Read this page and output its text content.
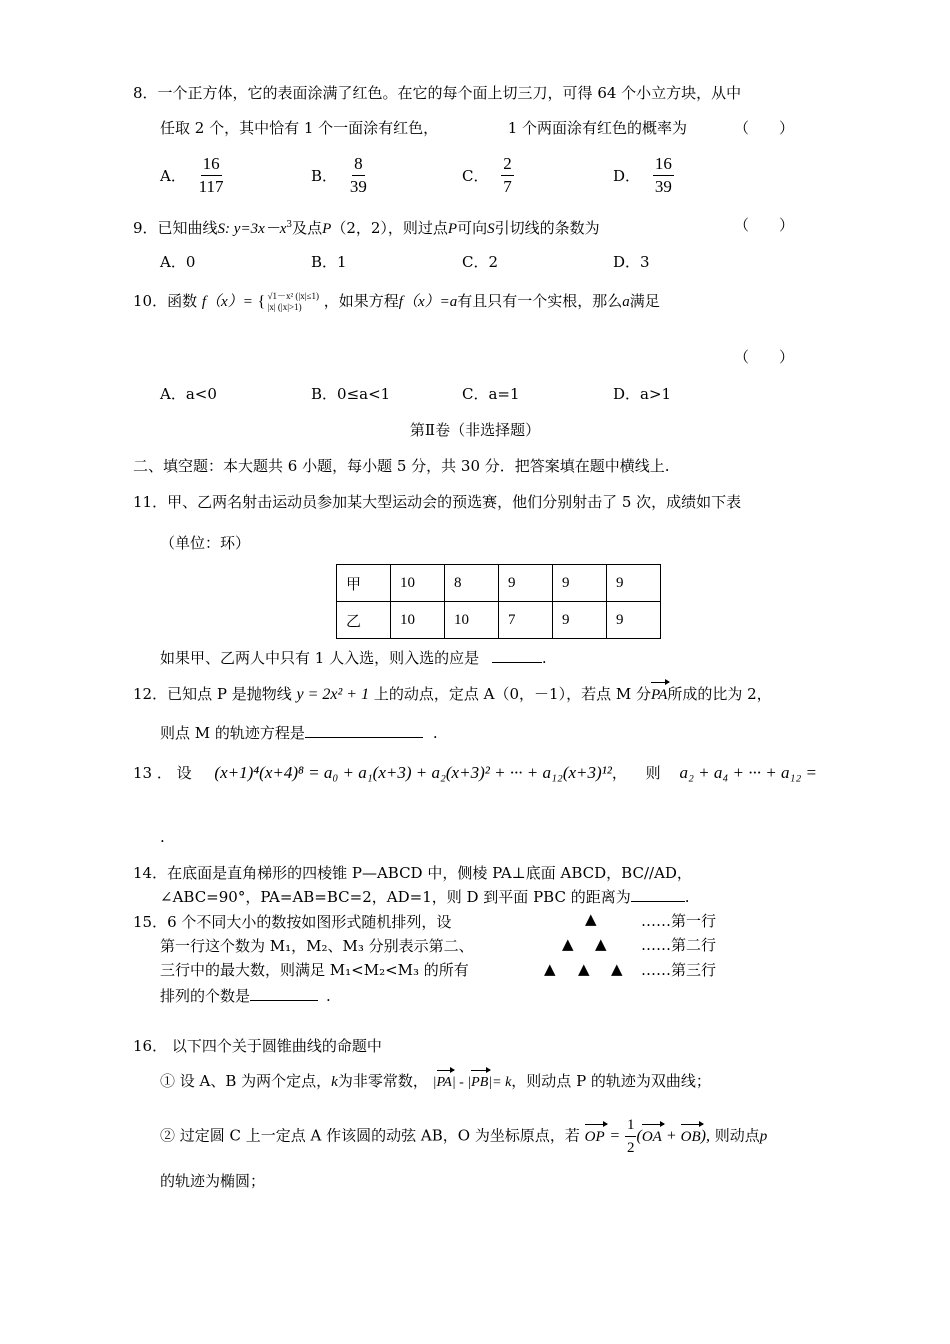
8．一个正方体，它的表面涂满了红色。在它的每个面上切三刀，可得 64 个小立方块，从中
任取 2 个，其中恰有 1 个一面涂有红色，	1 个两面涂有红色的概率为	（　　）
A． $\frac{16}{117}$	B． $\frac{8}{39}$	C． $\frac{2}{7}$	D． $\frac{16}{39}$
9．已知曲线S: $y=3x-x^3$及点P（2，2），则过点P可向S引切线的条数为	（　　）
A．0	B．1	C．2	D．3
10．函数 f（x）= { √1－x² (|x|≤1)
|x| (|x|>1)	，如果方程f（x）=a有且只有一个实根，那么a满足
（　　）
A．a<0	B．0≤a<1	C．a=1	D．a>1
第Ⅱ卷（非选择题）
二、填空题：本大题共 6 小题，每小题 5 分，共 30 分．把答案填在题中横线上.
11．甲、乙两名射击运动员参加某大型运动会的预选赛，他们分别射击了 5 次，成绩如下表
（单位：环）
甲	10	8	9	9	9
乙	10	10	7	9	9
如果甲、乙两人中只有 1 人入选，则入选的应是	.
12．已知点 P 是抛物线 y = 2x² + 1 上的动点，定点 A（0，－1），若点 M 分PA所成的比为 2，
则点 M 的轨迹方程是	.
13 ． 设 (x+1)⁴(x+4)⁸ = a₀ + a₁(x+3) + a₂(x+3)² + ··· + a₁₂(x+3)¹²， 则 a₂ + a₄ + ··· + a₁₂ =
.
14．在底面是直角梯形的四棱锥 P—ABCD 中，侧棱 PA⊥底面 ABCD，BC//AD，
∠ABC=90°，PA=AB=BC=2，AD=1，则 D 到平面 PBC 的距离为	.
15．6 个不同大小的数按如图形式随机排列，设
第一行这个数为 M₁，M₂、M₃ 分别表示第二、
三行中的最大数，则满足 M₁<M₂<M₃ 的所有
排列的个数是	.
▲	……第一行
▲ ▲ ……第二行
▲ ▲ ▲ ……第三行
16． 以下四个关于圆锥曲线的命题中
① 设 A、B 为两个定点，k为非零常数， |PA| - |PB|= k，则动点 P 的轨迹为双曲线；
② 过定圆 C 上一定点 A 作该圆的动弦 AB，O 为坐标原点，若 OP = $\frac{1}{2} (OA + OB)$, 则动点p
的轨迹为椭圆；
